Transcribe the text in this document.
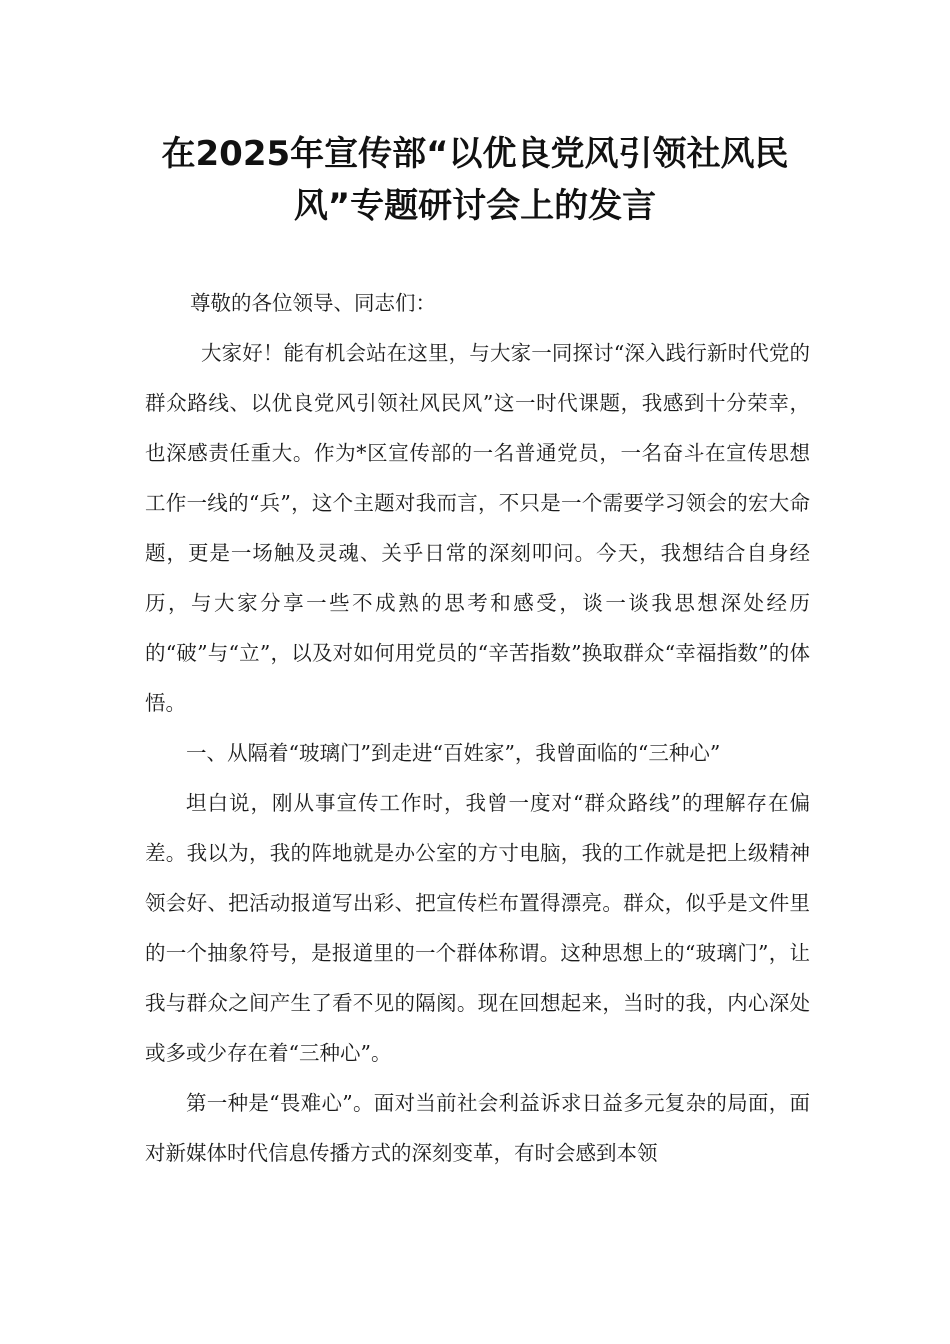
在2025年宣传部“以优良党风引领社风民
风”专题研讨会上的发言

尊敬的各位领导、同志们：

大家好！能有机会站在这里，与大家一同探讨“深入践行新时代党的群众路线、以优良党风引领社风民风”这一时代课题，我感到十分荣幸，也深感责任重大。作为*区宣传部的一名普通党员，一名奋斗在宣传思想工作一线的“兵”，这个主题对我而言，不只是一个需要学习领会的宏大命题，更是一场触及灵魂、关乎日常的深刻叩问。今天，我想结合自身经历，与大家分享一些不成熟的思考和感受，谈一谈我思想深处经历的“破”与“立”，以及对如何用党员的“辛苦指数”换取群众“幸福指数”的体悟。

一、从隔着“玻璃门”到走进“百姓家”，我曾面临的“三种心”

坦白说，刚从事宣传工作时，我曾一度对“群众路线”的理解存在偏差。我以为，我的阵地就是办公室的方寸电脑，我的工作就是把上级精神领会好、把活动报道写出彩、把宣传栏布置得漂亮。群众，似乎是文件里的一个抽象符号，是报道里的一个群体称谓。这种思想上的“玻璃门”，让我与群众之间产生了看不见的隔阂。现在回想起来，当时的我，内心深处或多或少存在着“三种心”。

第一种是“畏难心”。面对当前社会利益诉求日益多元复杂的局面，面对新媒体时代信息传播方式的深刻变革，有时会感到本领
